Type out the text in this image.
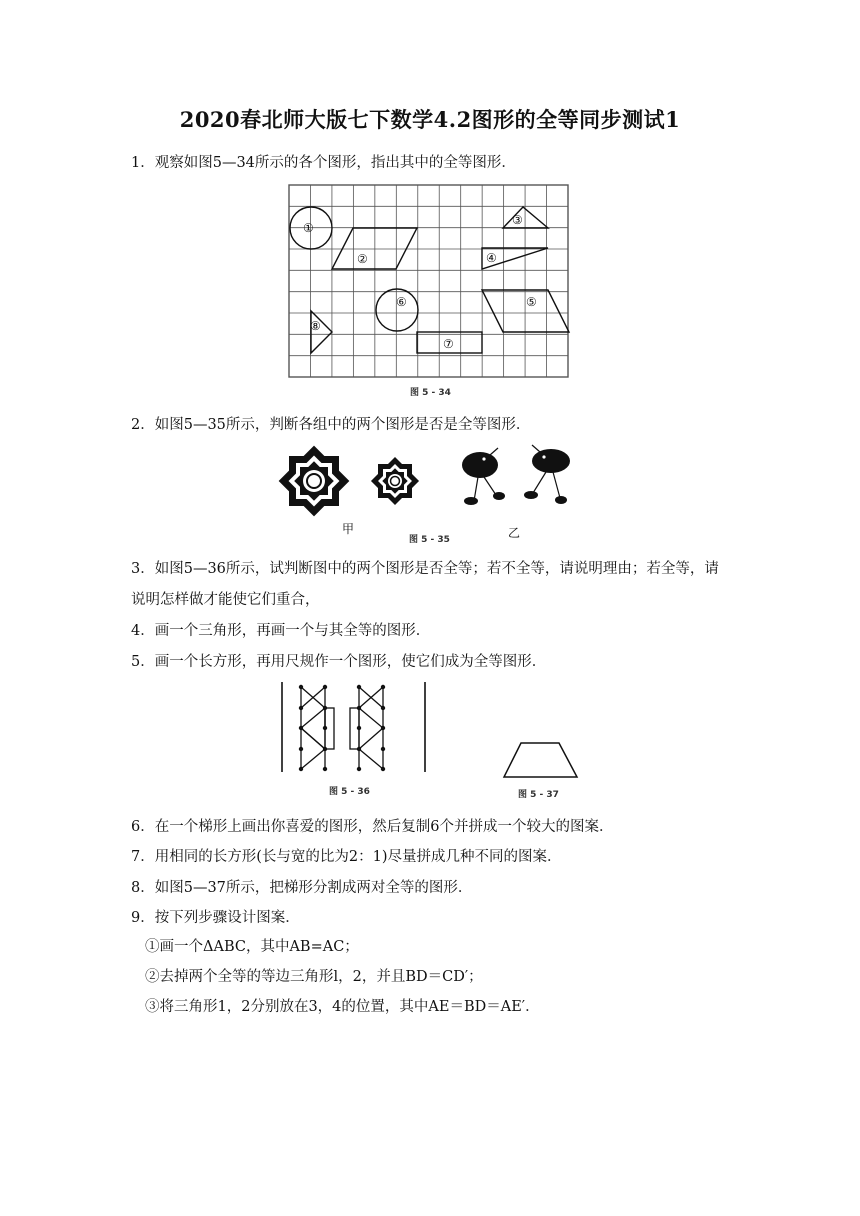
2020春北师大版七下数学4.2图形的全等同步测试1
1．观察如图5—34所示的各个图形，指出其中的全等图形．
①
②
③
④
⑤
⑥
⑦
⑧
图 5 - 34
2．如图5—35所示，判断各组中的两个图形是否是全等图形．
甲
图 5 - 35	乙
3．如图5—36所示，试判断图中的两个图形是否全等；若不全等，请说明理由；若全等，请
说明怎样做才能使它们重合，
4．画一个三角形，再画一个与其全等的图形．
5．画一个长方形，再用尺规作一个图形，使它们成为全等图形．
图 5 - 36	图 5 - 37
6．在一个梯形上画出你喜爱的图形，然后复制6个并拼成一个较大的图案．
7．用相同的长方形(长与宽的比为2：1)尽量拼成几种不同的图案．
8．如图5—37所示，把梯形分割成两对全等的图形．
9．按下列步骤设计图案．
①画一个ΔABC，其中AB=AC；
②去掉两个全等的等边三角形l，2，并且BD＝CD′；
③将三角形1，2分别放在3，4的位置，其中AE＝BD＝AE′．
